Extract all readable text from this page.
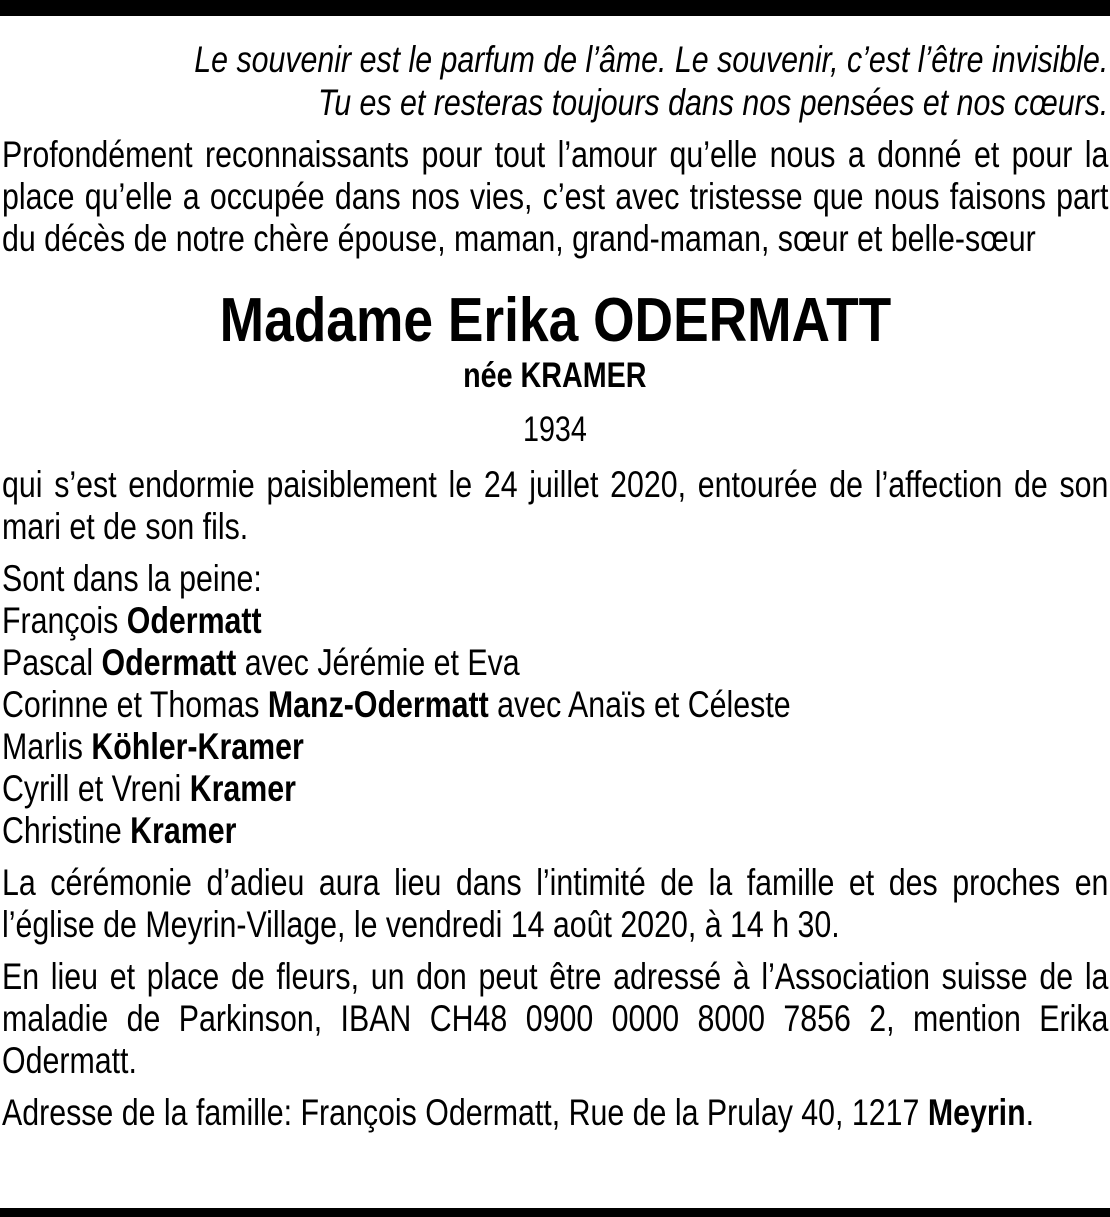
Le souvenir est le parfum de l’âme. Le souvenir, c’est l’être invisible.
Tu es et resteras toujours dans nos pensées et nos cœurs.

Profondément reconnaissants pour tout l’amour qu’elle nous a donné et pour la place qu’elle a occupée dans nos vies, c’est avec tristesse que nous faisons part du décès de notre chère épouse, maman, grand-maman, sœur et belle-sœur

Madame Erika ODERMATT
née KRAMER
1934

qui s’est endormie paisiblement le 24 juillet 2020, entourée de l’affection de son mari et de son fils.

Sont dans la peine:
François Odermatt
Pascal Odermatt avec Jérémie et Eva
Corinne et Thomas Manz-Odermatt avec Anaïs et Céleste
Marlis Köhler-Kramer
Cyrill et Vreni Kramer
Christine Kramer

La cérémonie d’adieu aura lieu dans l’intimité de la famille et des proches en l’église de Meyrin-Village, le vendredi 14 août 2020, à 14 h 30.

En lieu et place de fleurs, un don peut être adressé à l’Association suisse de la maladie de Parkinson, IBAN CH48 0900 0000 8000 7856 2, mention Erika Odermatt.

Adresse de la famille: François Odermatt, Rue de la Prulay 40, 1217 Meyrin.
